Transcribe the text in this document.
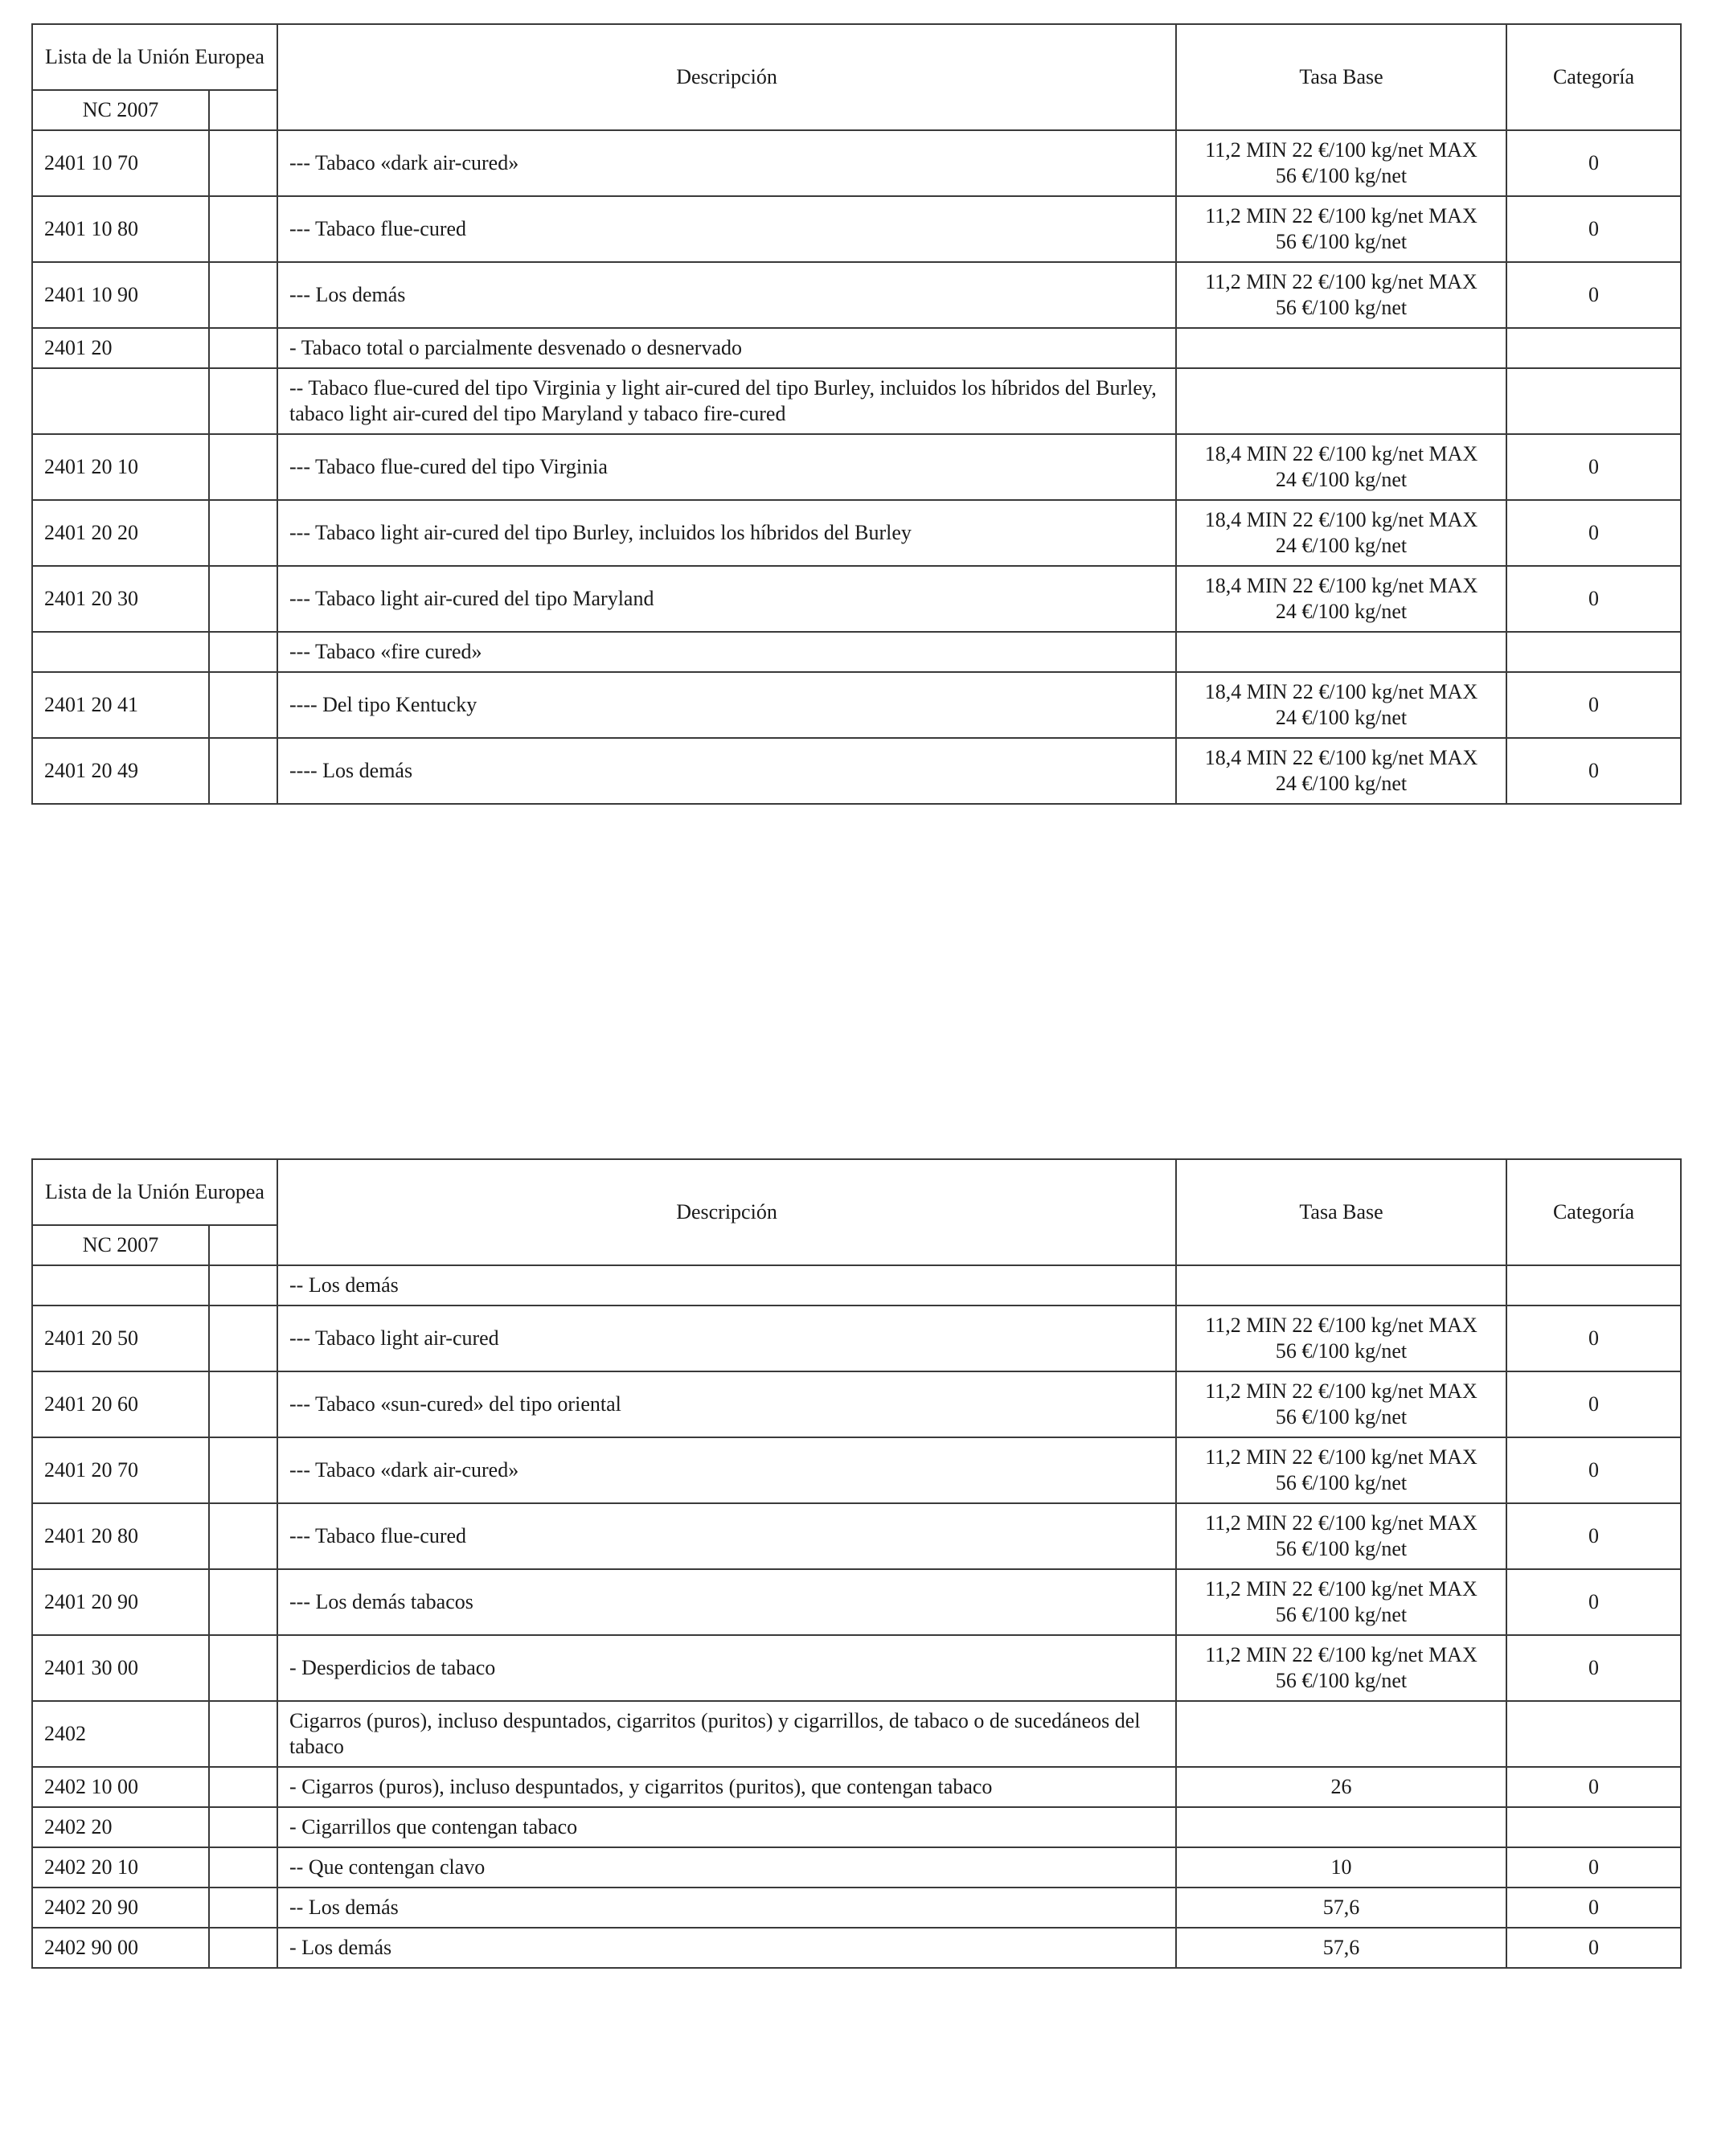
Lista de la Unión Europea		Descripción	Tasa Base	Categoría
NC 2007				
2401 10 70		--- Tabaco «dark air-cured»	11,2 MIN 22 €/100 kg/net MAX
56 €/100 kg/net	0
2401 10 80		--- Tabaco flue-cured	11,2 MIN 22 €/100 kg/net MAX
56 €/100 kg/net	0
2401 10 90		--- Los demás	11,2 MIN 22 €/100 kg/net MAX
56 €/100 kg/net	0
2401 20		- Tabaco total o parcialmente desvenado o desnervado	

		-- Tabaco flue-cured del tipo Virginia y light air-cured del tipo Burley, incluidos los híbridos del Burley, tabaco light air-cured del tipo Maryland y tabaco fire-cured	

2401 20 10		--- Tabaco flue-cured del tipo Virginia	18,4 MIN 22 €/100 kg/net MAX
24 €/100 kg/net	0
2401 20 20		--- Tabaco light air-cured del tipo Burley, incluidos los híbridos del Burley	18,4 MIN 22 €/100 kg/net MAX
24 €/100 kg/net	0
2401 20 30		--- Tabaco light air-cured del tipo Maryland	18,4 MIN 22 €/100 kg/net MAX
24 €/100 kg/net	0
		--- Tabaco «fire cured»	

2401 20 41		---- Del tipo Kentucky	18,4 MIN 22 €/100 kg/net MAX
24 €/100 kg/net	0
2401 20 49		---- Los demás	18,4 MIN 22 €/100 kg/net MAX
24 €/100 kg/net	0
Lista de la Unión Europea		Descripción	Tasa Base	Categoría
NC 2007				
		-- Los demás	

2401 20 50		--- Tabaco light air-cured	11,2 MIN 22 €/100 kg/net MAX
56 €/100 kg/net	0
2401 20 60		--- Tabaco «sun-cured» del tipo oriental	11,2 MIN 22 €/100 kg/net MAX
56 €/100 kg/net	0
2401 20 70		--- Tabaco «dark air-cured»	11,2 MIN 22 €/100 kg/net MAX
56 €/100 kg/net	0
2401 20 80		--- Tabaco flue-cured	11,2 MIN 22 €/100 kg/net MAX
56 €/100 kg/net	0
2401 20 90		--- Los demás tabacos	11,2 MIN 22 €/100 kg/net MAX
56 €/100 kg/net	0
2401 30 00		- Desperdicios de tabaco	11,2 MIN 22 €/100 kg/net MAX
56 €/100 kg/net	0
2402		Cigarros (puros), incluso despuntados, cigarritos (puritos) y cigarrillos, de tabaco o de sucedáneos del tabaco	

2402 10 00		- Cigarros (puros), incluso despuntados, y cigarritos (puritos), que contengan tabaco	26	0
2402 20		- Cigarrillos que contengan tabaco	

2402 20 10		-- Que contengan clavo	10	0
2402 20 90		-- Los demás	57,6	0
2402 90 00		- Los demás	57,6	0
